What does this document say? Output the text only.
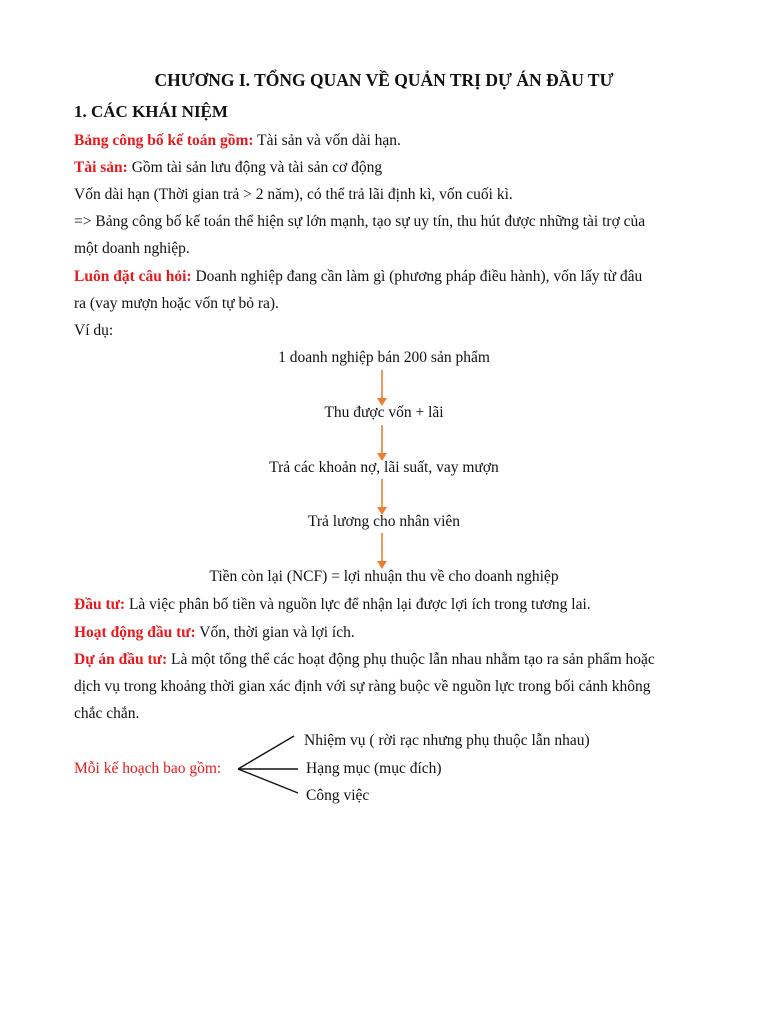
CHƯƠNG I. TỔNG QUAN VỀ QUẢN TRỊ DỰ ÁN ĐẦU TƯ
1. CÁC KHÁI NIỆM
Bảng công bố kế toán gồm: Tài sản và vốn dài hạn.
Tài sản: Gồm tài sản lưu động và tài sản cơ động
Vốn dài hạn (Thời gian trả > 2 năm), có thể trả lãi định kì, vốn cuối kì.
=> Bảng công bố kế toán thể hiện sự lớn mạnh, tạo sự uy tín, thu hút được những tài trợ của
một doanh nghiệp.
Luôn đặt câu hỏi: Doanh nghiệp đang cần làm gì (phương pháp điều hành), vốn lấy từ đâu
ra (vay mượn hoặc vốn tự bỏ ra).
Ví dụ:
1 doanh nghiệp bán 200 sản phẩm
Thu được vốn + lãi
Trả các khoản nợ, lãi suất, vay mượn
Trả lương cho nhân viên
Tiền còn lại (NCF) = lợi nhuận thu về cho doanh nghiệp
Đầu tư: Là việc phân bố tiền và nguồn lực để nhận lại được lợi ích trong tương lai.
Hoạt động đầu tư: Vốn, thời gian và lợi ích.
Dự án đầu tư: Là một tổng thể các hoạt động phụ thuộc lẫn nhau nhằm tạo ra sản phẩm hoặc
dịch vụ trong khoảng thời gian xác định với sự ràng buộc về nguồn lực trong bối cảnh không
chắc chắn.
Mỗi kế hoạch bao gồm:
Nhiệm vụ ( rời rạc nhưng phụ thuộc lẫn nhau)
Hạng mục (mục đích)
Công việc
